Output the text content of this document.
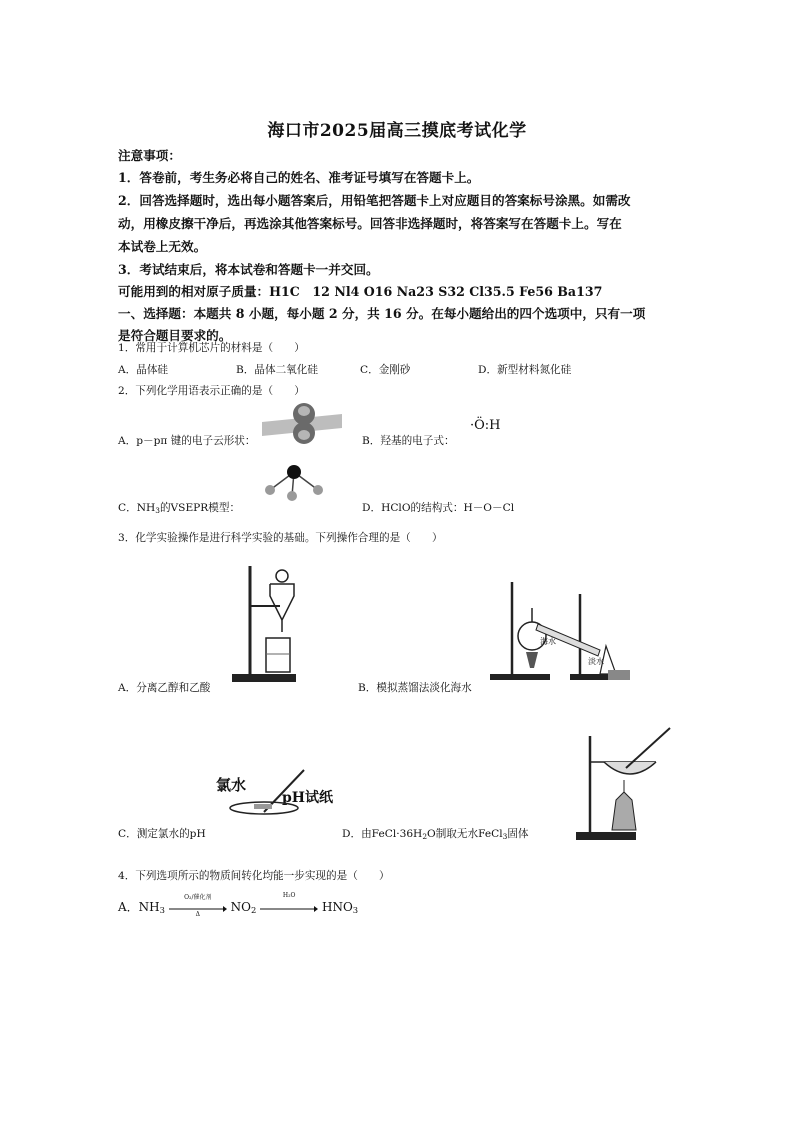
海口市2025届高三摸底考试化学
注意事项：
1．答卷前，考生务必将自己的姓名、准考证号填写在答题卡上。
2．回答选择题时，选出每小题答案后，用铅笔把答题卡上对应题目的答案标号涂黑。如需改
动，用橡皮擦干净后，再选涂其他答案标号。回答非选择题时，将答案写在答题卡上。写在
本试卷上无效。
3．考试结束后，将本试卷和答题卡一并交回。
可能用到的相对原子质量：H1C　12 Nl4 O16 Na23 S32 Cl35.5 Fe56 Ba137
一、选择题：本题共 8 小题，每小题 2 分，共 16 分。在每小题给出的四个选项中，只有一项
是符合题目要求的。
1．常用于计算机芯片的材料是（　　）
A．晶体硅	B．晶体二氧化硅	C．金刚砂	D．新型材料氮化硅
2．下列化学用语表示正确的是（　　）
A．p－pπ 键的电子云形状：	B．羟基的电子式：
·Ö:H
C．$NH_3$的VSEPR模型：	D．HClO的结构式：H－O－Cl
3．化学实验操作是进行科学实验的基础。下列操作合理的是（　　）
A．分离乙醇和乙酸
海水
淡水
B．模拟蒸馏法淡化海水
氯水
pH试纸
C．测定氯水的pH	D．由$FeCl\cdot 36H_2O$制取无水FeCl$_3$固体
4．下列选项所示的物质间转化均能一步实现的是（　　）
A．$NH_3$
O₂/催化剂
Δ	$NO_2$
H₂O
$HNO_3$
